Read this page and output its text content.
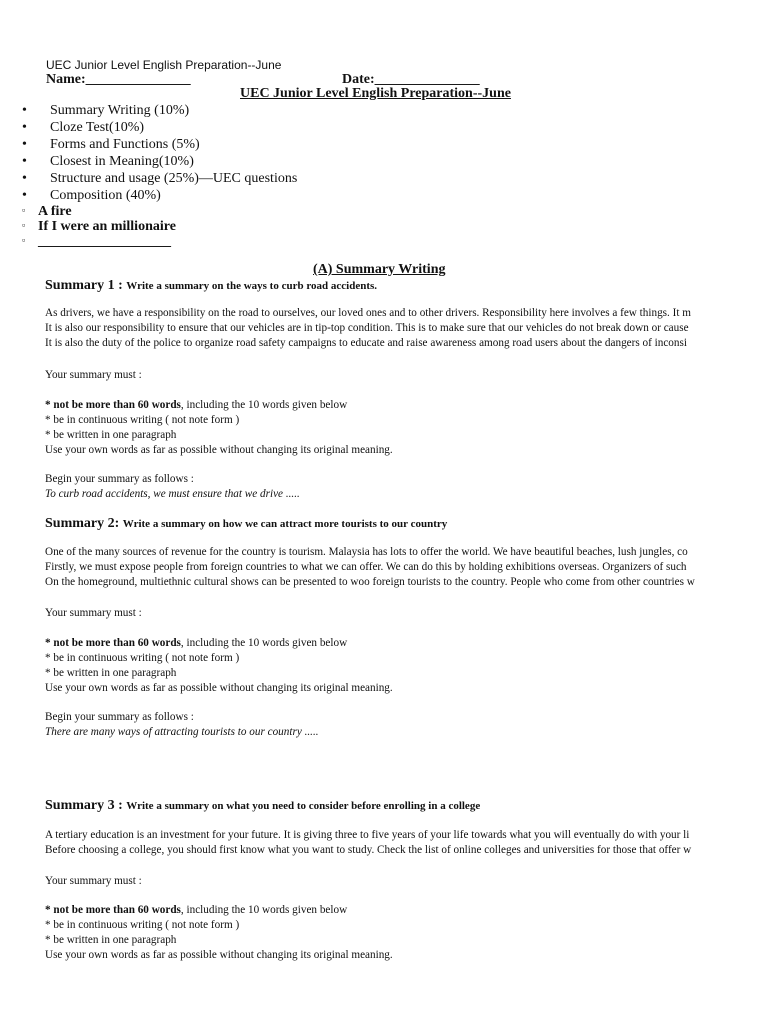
UEC Junior Level English Preparation--June
Name:_______________	Date:_______________
UEC Junior Level English Preparation--June
• Summary Writing (10%)
• Cloze Test(10%)
• Forms and Functions (5%)
• Closest in Meaning(10%)
• Structure and usage (25%)—UEC questions
• Composition (40%)
▫ A fire
▫ If I were an millionaire
▫ ___________________
(A) Summary Writing
Summary 1 : Write a summary on the ways to curb road accidents.
As drivers, we have a responsibility on the road to ourselves, our loved ones and to other drivers. Responsibility here involves a few things. It m
It is also our responsibility to ensure that our vehicles are in tip-top condition. This is to make sure that our vehicles do not break down or cause
It is also the duty of the police to organize road safety campaigns to educate and raise awareness among road users about the dangers of inconsi
Your summary must :
* not be more than 60 words, including the 10 words given below
* be in continuous writing ( not note form )
* be written in one paragraph
Use your own words as far as possible without changing its original meaning.
Begin your summary as follows :
To curb road accidents, we must ensure that we drive .....
Summary 2: Write a summary on how we can attract more tourists to our country
One of the many sources of revenue for the country is tourism. Malaysia has lots to offer the world. We have beautiful beaches, lush jungles, co
Firstly, we must expose people from foreign countries to what we can offer. We can do this by holding exhibitions overseas. Organizers of such
On the homeground, multiethnic cultural shows can be presented to woo foreign tourists to the country. People who come from other countries w
Your summary must :
* not be more than 60 words, including the 10 words given below
* be in continuous writing ( not note form )
* be written in one paragraph
Use your own words as far as possible without changing its original meaning.
Begin your summary as follows :
There are many ways of attracting tourists to our country .....
Summary 3 : Write a summary on what you need to consider before enrolling in a college
A tertiary education is an investment for your future. It is giving three to five years of your life towards what you will eventually do with your li
Before choosing a college, you should first know what you want to study. Check the list of online colleges and universities for those that offer w
Your summary must :
* not be more than 60 words, including the 10 words given below
* be in continuous writing ( not note form )
* be written in one paragraph
Use your own words as far as possible without changing its original meaning.
